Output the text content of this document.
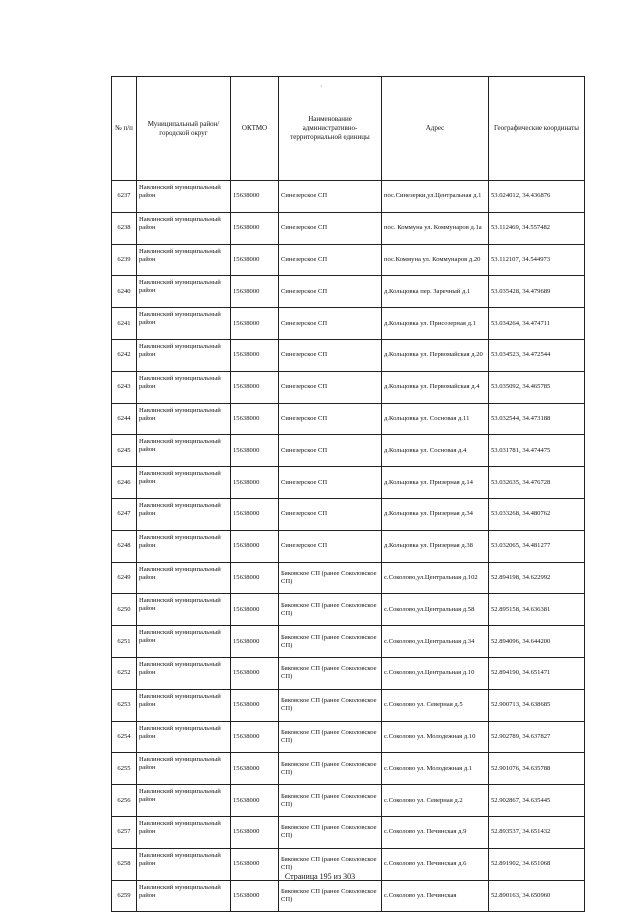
·
№ п/п	Муниципальный район/городской округ	ОКТМО	Наименование административно-территориальной единицы	Адрес	Географические координаты
6237	Навлинский муниципальный район	15638000	Синезерское СП	пос.Синезерки,ул.Центральная д.1	53.024012, 34.436876
6238	Навлинский муниципальный район	15638000	Синезерское СП	пос. Коммуна ул. Коммунаров д.1а	53.112469, 34.557482
6239	Навлинский муниципальный район	15638000	Синезерское СП	пос.Коммуна ул. Коммунаров д.20	53.112107, 34.544973
6240	Навлинский муниципальный район	15638000	Синезерское СП	д.Кольцовка пер. Заречный д.1	53.035428, 34.479689
6241	Навлинский муниципальный район	15638000	Синезерское СП	д.Кольцовка ул. Присозерная д.1	53.034264, 34.474711
6242	Навлинский муниципальный район	15638000	Синезерское СП	д.Кольцовка ул. Первомайская д.20	53.034523, 34.472544
6243	Навлинский муниципальный район	15638000	Синезерское СП	д.Кольцовка ул. Первомайская д.4	53.035092, 34.465785
6244	Навлинский муниципальный район	15638000	Синезерское СП	д.Кольцовка ул. Сосновая д.11	53.032544, 34.473188
6245	Навлинский муниципальный район	15638000	Синезерское СП	д.Кольцовка ул. Сосновая д.4	53.031781, 34.474475
6246	Навлинский муниципальный район	15638000	Синезерское СП	д.Кольцовка ул. Призерная д.14	53.032635, 34.476728
6247	Навлинский муниципальный район	15638000	Синезерское СП	д.Кольцовка ул. Призерная д.34	53.033268, 34.480762
6248	Навлинский муниципальный район	15638000	Синезерское СП	д.Кольцовка ул. Призерная д.38	53.032065, 34.481277
6249	Навлинский муниципальный район	15638000	Бяковское СП (ранее Соколовское СП)	с.Соколово,ул.Центральная д.102	52.894198, 34.622992
6250	Навлинский муниципальный район	15638000	Бяковское СП (ранее Соколовское СП)	с.Соколово,ул.Центральная д.58	52.895158, 34.636381
6251	Навлинский муниципальный район	15638000	Бяковское СП (ранее Соколовское СП)	с.Соколово,ул.Центральная д.34	52.894096, 34.644200
6252	Навлинский муниципальный район	15638000	Бяковское СП (ранее Соколовское СП)	с.Соколово,ул.Центральная д.10	52.894190, 34.651471
6253	Навлинский муниципальный район	15638000	Бяковское СП (ранее Соколовское СП)	с.Соколово ул. Северная д.5	52.900713, 34.638685
6254	Навлинский муниципальный район	15638000	Бяковское СП (ранее Соколовское СП)	с.Соколово ул. Молодежная д.10	52.902789, 34.637827
6255	Навлинский муниципальный район	15638000	Бяковское СП (ранее Соколовское СП)	с.Соколово ул. Молодежная д.1	52.901076, 34.635788
6256	Навлинский муниципальный район	15638000	Бяковское СП (ранее Соколовское СП)	с.Соколово ул. Северная д.2	52.902867, 34.635445
6257	Навлинский муниципальный район	15638000	Бяковское СП (ранее Соколовское СП)	с.Соколово ул. Печинская д.9	52.893537, 34.651432
6258	Навлинский муниципальный район	15638000	Бяковское СП (ранее Соколовское СП)	с.Соколово ул. Печинская д.6	52.891902, 34.651068
6259	Навлинский муниципальный район	15638000	Бяковское СП (ранее Соколовское СП)	с.Соколово ул. Печинская	52.890163, 34.650960
Страница 195 из 303
